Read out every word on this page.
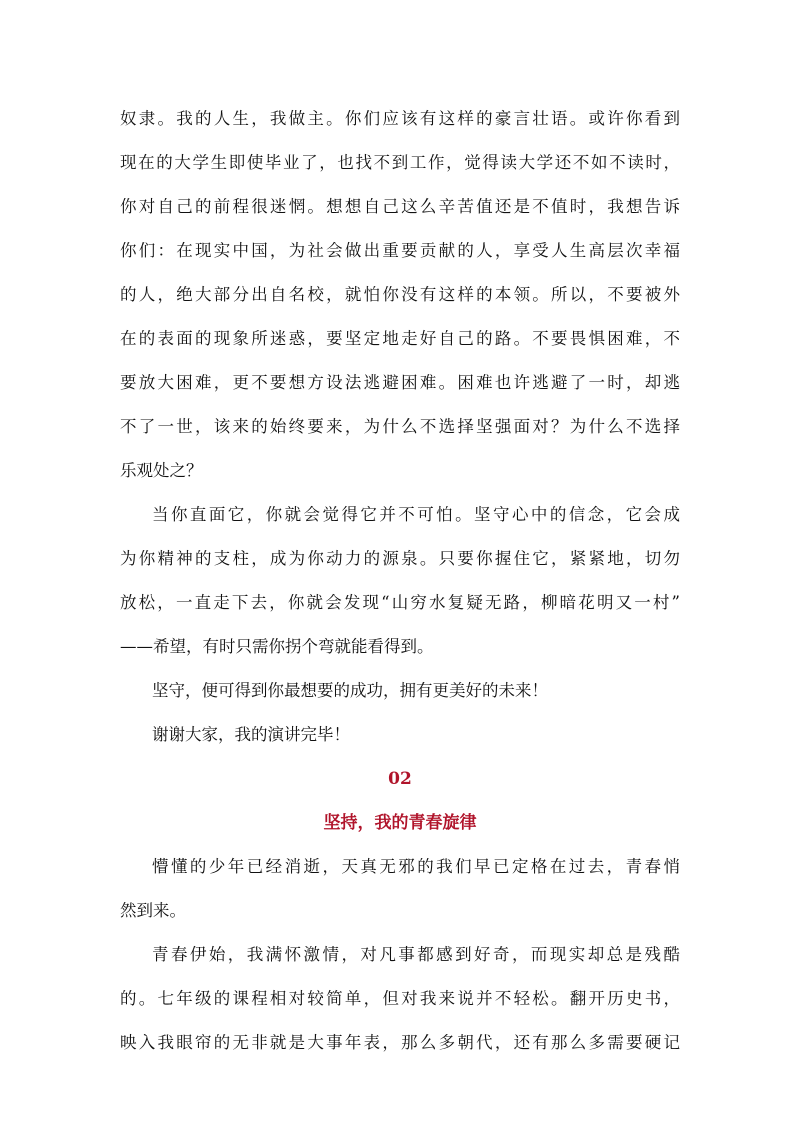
奴隶。我的人生，我做主。你们应该有这样的豪言壮语。或许你看到
现在的大学生即使毕业了，也找不到工作，觉得读大学还不如不读时，
你对自己的前程很迷惘。想想自己这么辛苦值还是不值时，我想告诉
你们：在现实中国，为社会做出重要贡献的人，享受人生高层次幸福
的人，绝大部分出自名校，就怕你没有这样的本领。所以，不要被外
在的表面的现象所迷惑，要坚定地走好自己的路。不要畏惧困难，不
要放大困难，更不要想方设法逃避困难。困难也许逃避了一时，却逃
不了一世，该来的始终要来，为什么不选择坚强面对？为什么不选择
乐观处之？
当你直面它，你就会觉得它并不可怕。坚守心中的信念，它会成
为你精神的支柱，成为你动力的源泉。只要你握住它，紧紧地，切勿
放松，一直走下去，你就会发现“山穷水复疑无路，柳暗花明又一村”
——希望，有时只需你拐个弯就能看得到。
坚守，便可得到你最想要的成功，拥有更美好的未来！
谢谢大家，我的演讲完毕！
02
坚持，我的青春旋律
懵懂的少年已经消逝，天真无邪的我们早已定格在过去，青春悄
然到来。
青春伊始，我满怀激情，对凡事都感到好奇，而现实却总是残酷
的。七年级的课程相对较简单，但对我来说并不轻松。翻开历史书，
映入我眼帘的无非就是大事年表，那么多朝代，还有那么多需要硬记
